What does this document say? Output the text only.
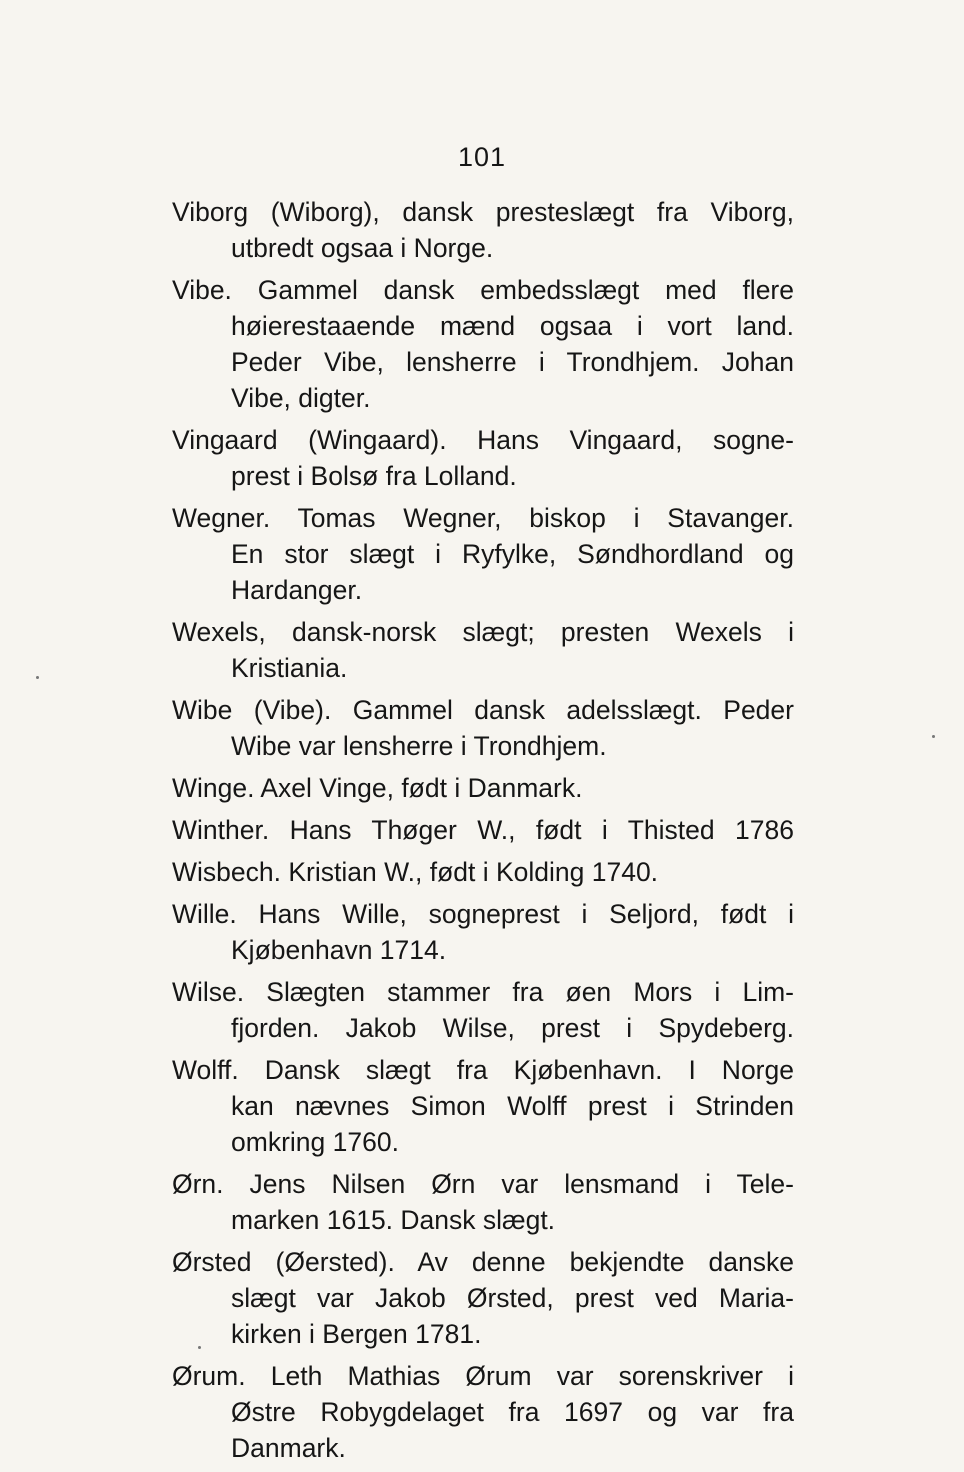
101
Viborg (Wiborg), dansk presteslægt fra Viborg,
utbredt ogsaa i Norge.
Vibe. Gammel dansk embedsslægt med flere
høierestaaende mænd ogsaa i vort land.
Peder Vibe, lensherre i Trondhjem. Johan
Vibe, digter.
Vingaard (Wingaard). Hans Vingaard, sogne-
prest i Bolsø fra Lolland.
Wegner. Tomas Wegner, biskop i Stavanger.
En stor slægt i Ryfylke, Søndhordland og
Hardanger.
Wexels, dansk-norsk slægt; presten Wexels i
Kristiania.
Wibe (Vibe). Gammel dansk adelsslægt. Peder
Wibe var lensherre i Trondhjem.
Winge. Axel Vinge, født i Danmark.
Winther. Hans Thøger W., født i Thisted 1786
Wisbech. Kristian W., født i Kolding 1740.
Wille. Hans Wille, sogneprest i Seljord, født i
Kjøbenhavn 1714.
Wilse. Slægten stammer fra øen Mors i Lim-
fjorden. Jakob Wilse, prest i Spydeberg.
Wolff. Dansk slægt fra Kjøbenhavn. I Norge
kan nævnes Simon Wolff prest i Strinden
omkring 1760.
Ørn. Jens Nilsen Ørn var lensmand i Tele-
marken 1615. Dansk slægt.
Ørsted (Øersted). Av denne bekjendte danske
slægt var Jakob Ørsted, prest ved Maria-
kirken i Bergen 1781.
Ørum. Leth Mathias Ørum var sorenskriver i
Østre Robygdelaget fra 1697 og var fra
Danmark.
